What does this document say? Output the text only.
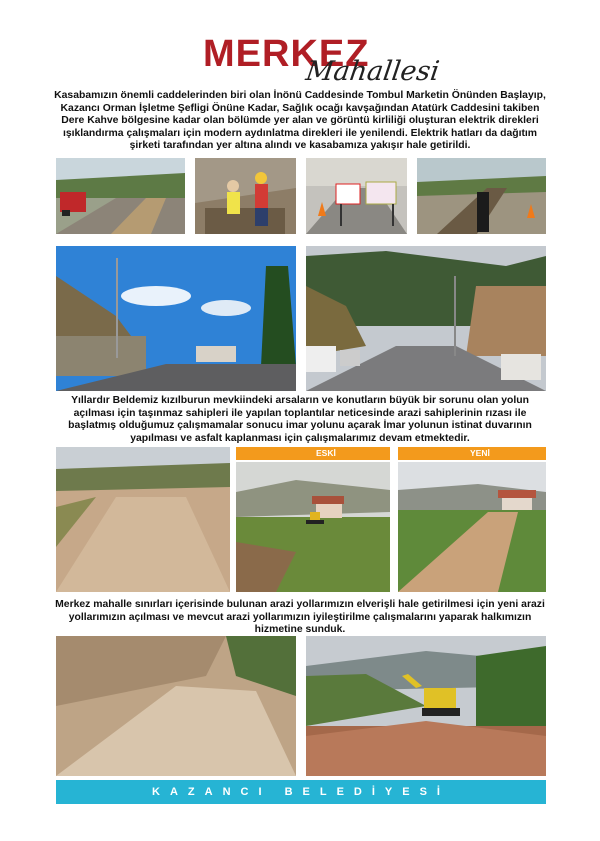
MERKEZ
Mahallesi
Kasabamızın önemli caddelerinden biri olan İnönü Caddesinde Tombul Marketin Önünden Başlayıp, Kazancı Orman İşletme Şefligi Önüne Kadar, Sağlık ocağı kavşağından Atatürk Caddesini takiben Dere Kahve bölgesine kadar olan bölümde yer alan ve görüntü kirliliği oluşturan elektrik direkleri ışıklandırma çalışmaları için modern aydınlatma direkleri ile yenilendi. Elektrik hatları da dağıtım şirketi tarafından yer altına alındı ve kasabamıza yakışır hale getirildi.
Yıllardır Beldemiz kızılburun mevkiindeki arsaların ve konutların büyük bir sorunu olan yolun açılması için taşınmaz sahipleri ile yapılan toplantılar neticesinde arazi sahiplerinin rızası ile başlatmış olduğumuz çalışmamalar sonucu imar yolunu açarak İmar yolunun istinat duvarının yapılması ve asfalt kaplanması için çalışmalarımız devam etmektedir.
ESKİ	YENİ
Merkez mahalle sınırları içerisinde bulunan arazi yollarımızın elverişli hale getirilmesi için yeni arazi yollarımızın açılması ve mevcut arazi yollarımızın iyileştirilme çalışmalarını yaparak halkımızın hizmetine sunduk.
KAZANCI BELEDİYESİ
